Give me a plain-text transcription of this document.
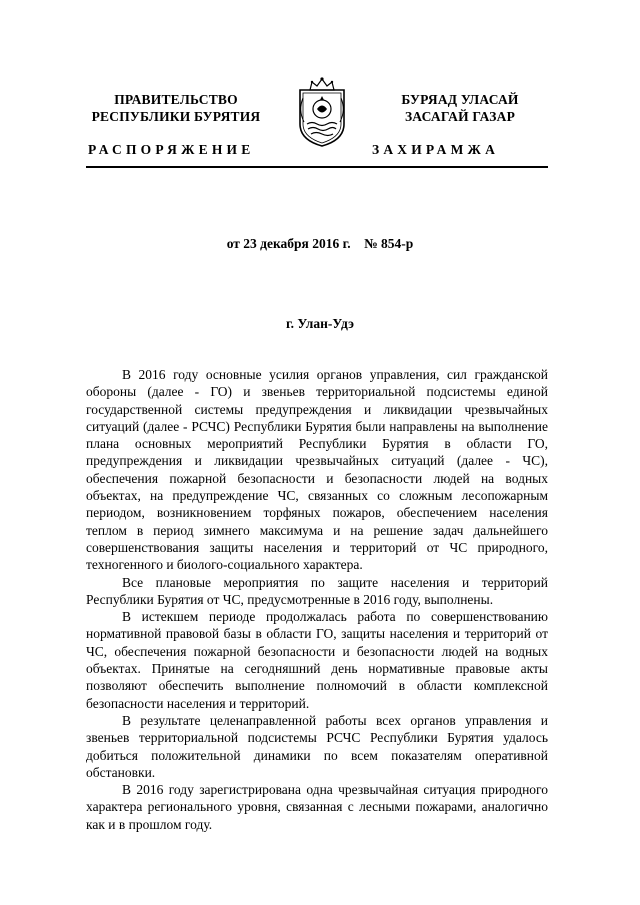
ПРАВИТЕЛЬСТВО
РЕСПУБЛИКИ БУРЯТИЯ
БУРЯАД УЛАСАЙ
ЗАСАГАЙ ГАЗАР
РАСПОРЯЖЕНИЕ	ЗАХИРАМЖА
от 23 декабря 2016 г.    № 854-р
г. Улан-Удэ

В 2016 году основные усилия органов управления, сил гражданской обороны (далее - ГО) и звеньев территориальной подсистемы единой государственной системы предупреждения и ликвидации чрезвычайных ситуаций (далее - РСЧС) Республики Бурятия были направлены на выполнение плана основных мероприятий Республики Бурятия в области ГО, предупреждения и ликвидации чрезвычайных ситуаций (далее - ЧС), обеспечения пожарной безопасности и безопасности людей на водных объектах, на предупреждение ЧС, связанных со сложным лесопожарным периодом, возникновением торфяных пожаров, обеспечением населения теплом в период зимнего максимума и на решение задач дальнейшего совершенствования защиты населения и территорий от ЧС природного, техногенного и биолого-социального характера.

Все плановые мероприятия по защите населения и территорий Республики Бурятия от ЧС, предусмотренные в 2016 году, выполнены.

В истекшем периоде продолжалась работа по совершенствованию нормативной правовой базы в области ГО, защиты населения и территорий от ЧС, обеспечения пожарной безопасности и безопасности людей на водных объектах. Принятые на сегодняшний день нормативные правовые акты позволяют обеспечить выполнение полномочий в области комплексной безопасности населения и территорий.

В результате целенаправленной работы всех органов управления и звеньев территориальной подсистемы РСЧС Республики Бурятия удалось добиться положительной динамики по всем показателям оперативной обстановки.

В 2016 году зарегистрирована одна чрезвычайная ситуация природного характера регионального уровня, связанная с лесными пожарами, аналогично как и в прошлом году.
